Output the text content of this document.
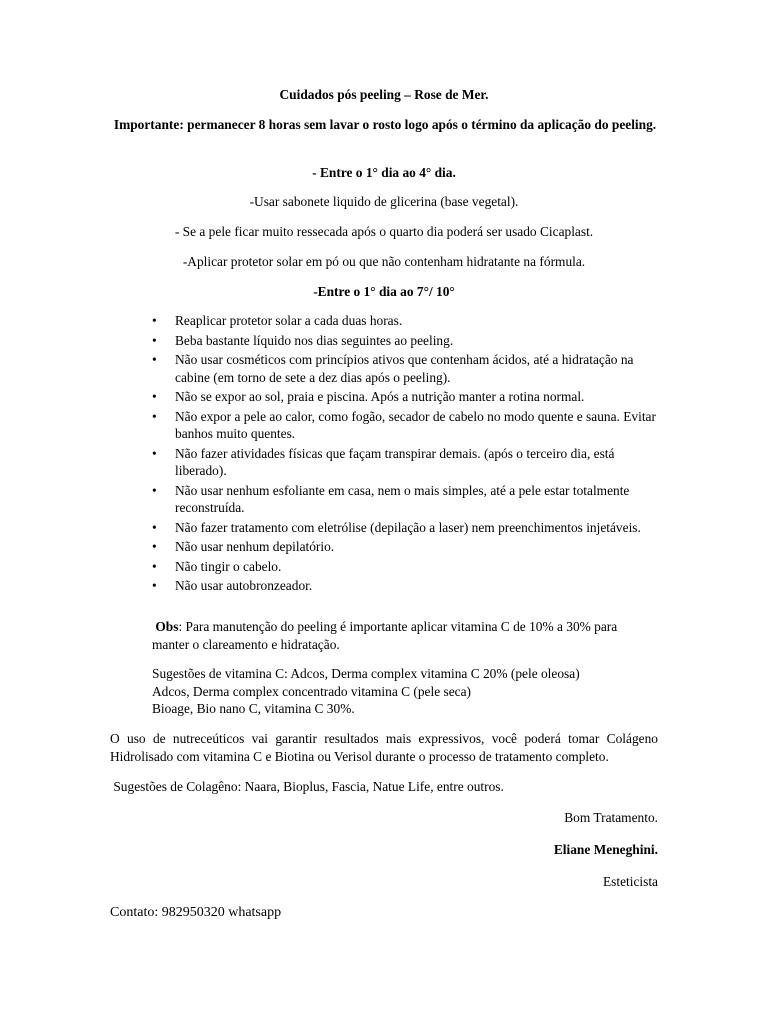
Cuidados pós peeling – Rose de Mer.
Importante: permanecer 8 horas sem lavar o rosto logo após o término da aplicação do peeling.
- Entre o 1° dia ao 4° dia.
-Usar sabonete liquido de glicerina (base vegetal).
- Se a pele ficar muito ressecada após o quarto dia poderá ser usado Cicaplast.
-Aplicar protetor solar em pó ou que não contenham hidratante na fórmula.
-Entre o 1° dia ao 7°/ 10°
• Reaplicar protetor solar a cada duas horas.
• Beba bastante líquido nos dias seguintes ao peeling.
• Não usar cosméticos com princípios ativos que contenham ácidos, até a hidratação na cabine (em torno de sete a dez dias após o peeling).
• Não se expor ao sol, praia e piscina. Após a nutrição manter a rotina normal.
• Não expor a pele ao calor, como fogão, secador de cabelo no modo quente e sauna. Evitar banhos muito quentes.
• Não fazer atividades físicas que façam transpirar demais. (após o terceiro dia, está liberado).
• Não usar nenhum esfoliante em casa, nem o mais simples, até a pele estar totalmente reconstruída.
• Não fazer tratamento com eletrólise (depilação a laser) nem preenchimentos injetáveis.
• Não usar nenhum depilatório.
• Não tingir o cabelo.
• Não usar autobronzeador.
Obs: Para manutenção do peeling é importante aplicar vitamina C de 10% a 30% para manter o clareamento e hidratação.
Sugestões de vitamina C: Adcos, Derma complex vitamina C 20% (pele oleosa)
Adcos, Derma complex concentrado vitamina C (pele seca)
Bioage, Bio nano C, vitamina C 30%.
O uso de nutreceúticos vai garantir resultados mais expressivos, você poderá tomar Colágeno Hidrolisado com vitamina C e Biotina ou Verisol durante o processo de tratamento completo.
Sugestões de Colagêno: Naara, Bioplus, Fascia, Natue Life, entre outros.
Bom Tratamento.
Eliane Meneghini.
Esteticista
Contato: 982950320 whatsapp
